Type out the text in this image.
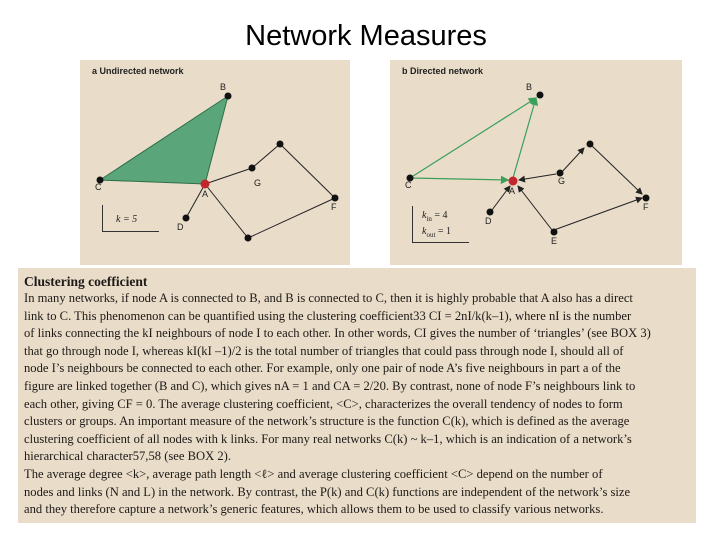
Network Measures
a Undirected network
B
C
A
G
F
D
k = 5
b Directed network
B
C
A
G
F
D
E
$k_{in} = 4$
$k_{out} = 1$
Clustering coefficient
In many networks, if node A is connected to B, and B is connected to C, then it is highly probable that A also has a direct
link to C. This phenomenon can be quantified using the clustering coefficient33 CI = 2nI/k(k–1), where nI is the number
of links connecting the kI neighbours of node I to each other. In other words, CI gives the number of ‘triangles’ (see BOX 3)
that go through node I, whereas kI(kI –1)/2 is the total number of triangles that could pass through node I, should all of
node I’s neighbours be connected to each other. For example, only one pair of node A’s five neighbours in part a of the
figure are linked together (B and C), which gives nA = 1 and CA = 2/20. By contrast, none of node F’s neighbours link to
each other, giving CF = 0. The average clustering coefficient, <C>, characterizes the overall tendency of nodes to form
clusters or groups. An important measure of the network’s structure is the function C(k), which is defined as the average
clustering coefficient of all nodes with k links. For many real networks C(k) ~ k–1, which is an indication of a network’s
hierarchical character57,58 (see BOX 2).
The average degree <k>, average path length <ℓ> and average clustering coefficient <C> depend on the number of
nodes and links (N and L) in the network. By contrast, the P(k) and C(k) functions are independent of the network’s size
and they therefore capture a network’s generic features, which allows them to be used to classify various networks.
